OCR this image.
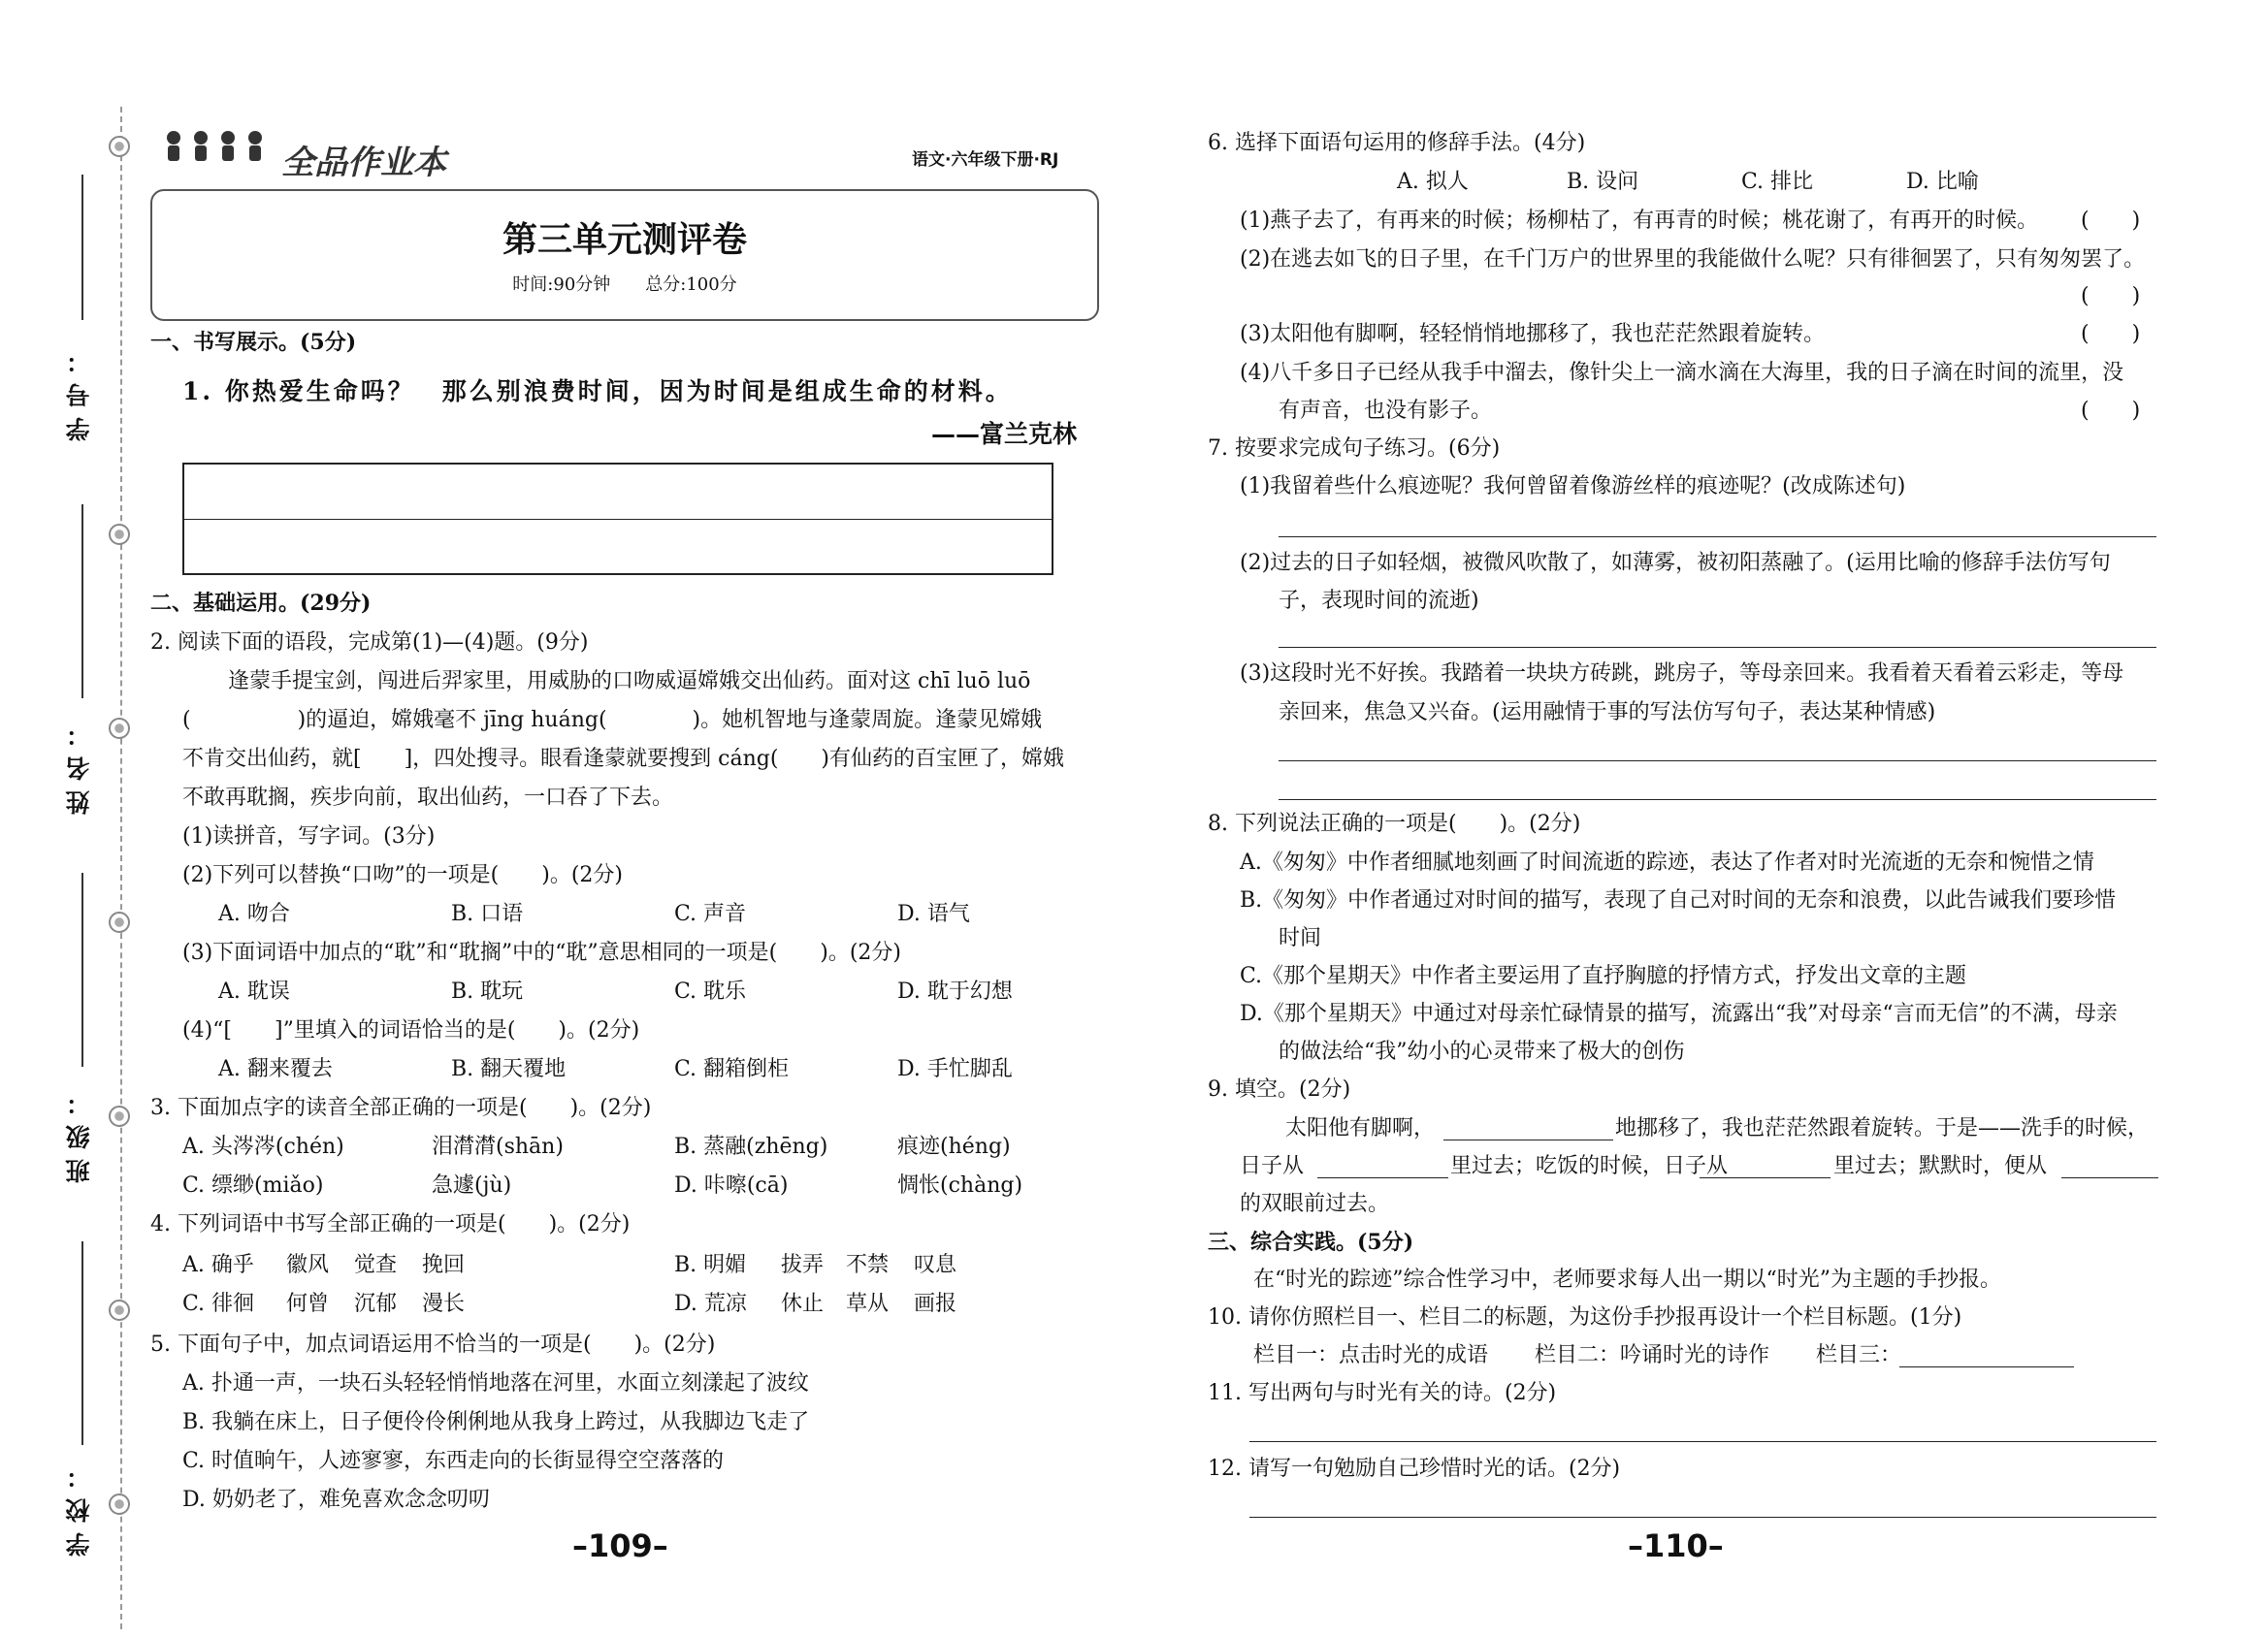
学号：
姓名：
班级：
学校：
全品作业本	语文·六年级下册·RJ
第三单元测评卷
时间:90分钟　　总分:100分
一、书写展示。(5分)
1. 你热爱生命吗？　那么别浪费时间，因为时间是组成生命的材料。
——富兰克林
二、基础运用。(29分)
2. 阅读下面的语段，完成第(1)—(4)题。(9分)
逢蒙手提宝剑，闯进后羿家里，用威胁的口吻威逼嫦娥交出仙药。面对这 chī luō luō
(　　　　　)的逼迫，嫦娥毫不 jīng huáng(　　　　)。她机智地与逢蒙周旋。逢蒙见嫦娥
不肯交出仙药，就[　　]，四处搜寻。眼看逢蒙就要搜到 cáng(　　)有仙药的百宝匣了，嫦娥
不敢再耽搁，疾步向前，取出仙药，一口吞了下去。
(1)读拼音，写字词。(3分)
(2)下列可以替换“口吻”的一项是(　　)。(2分)
A. 吻合	B. 口语	C. 声音	D. 语气
(3)下面词语中加点的“耽”和“耽搁”中的“耽”意思相同的一项是(　　)。(2分)
A. 耽误	B. 耽玩	C. 耽乐	D. 耽于幻想
(4)“[　　]”里填入的词语恰当的是(　　)。(2分)
A. 翻来覆去	B. 翻天覆地	C. 翻箱倒柜	D. 手忙脚乱
3. 下面加点字的读音全部正确的一项是(　　)。(2分)
A. 头涔涔(chén)	泪潸潸(shān)	B. 蒸融(zhēng)	痕迹(héng)
C. 缥缈(miǎo)	急遽(jù)	D. 咔嚓(cā)	惆怅(chàng)
4. 下列词语中书写全部正确的一项是(　　)。(2分)
A. 确乎 徽风 觉查 挽回	B. 明媚 拔弄 不禁 叹息
C. 徘徊 何曾 沉郁 漫长	D. 荒凉 休止 草从 画报
5. 下面句子中，加点词语运用不恰当的一项是(　　)。(2分)
A. 扑通一声，一块石头轻轻悄悄地落在河里，水面立刻漾起了波纹
B. 我躺在床上，日子便伶伶俐俐地从我身上跨过，从我脚边飞走了
C. 时值晌午，人迹寥寥，东西走向的长街显得空空落落的
D. 奶奶老了，难免喜欢念念叨叨
–109–
6. 选择下面语句运用的修辞手法。(4分)
A. 拟人	B. 设问	C. 排比	D. 比喻
(1)燕子去了，有再来的时候；杨柳枯了，有再青的时候；桃花谢了，有再开的时候。 (　　)
(2)在逃去如飞的日子里，在千门万户的世界里的我能做什么呢？只有徘徊罢了，只有匆匆罢了。
(　　)
(3)太阳他有脚啊，轻轻悄悄地挪移了，我也茫茫然跟着旋转。	(　　)
(4)八千多日子已经从我手中溜去，像针尖上一滴水滴在大海里，我的日子滴在时间的流里，没
有声音，也没有影子。	(　　)
7. 按要求完成句子练习。(6分)
(1)我留着些什么痕迹呢？我何曾留着像游丝样的痕迹呢？(改成陈述句)
(2)过去的日子如轻烟，被微风吹散了，如薄雾，被初阳蒸融了。(运用比喻的修辞手法仿写句
子，表现时间的流逝)
(3)这段时光不好挨。我踏着一块块方砖跳，跳房子，等母亲回来。我看着天看着云彩走，等母
亲回来，焦急又兴奋。(运用融情于事的写法仿写句子，表达某种情感)
8. 下列说法正确的一项是(　　)。(2分)
A.《匆匆》中作者细腻地刻画了时间流逝的踪迹，表达了作者对时光流逝的无奈和惋惜之情
B.《匆匆》中作者通过对时间的描写，表现了自己对时间的无奈和浪费，以此告诫我们要珍惜
时间
C.《那个星期天》中作者主要运用了直抒胸臆的抒情方式，抒发出文章的主题
D.《那个星期天》中通过对母亲忙碌情景的描写，流露出“我”对母亲“言而无信”的不满，母亲
的做法给“我”幼小的心灵带来了极大的创伤
9. 填空。(2分)
太阳他有脚啊，	地挪移了，我也茫茫然跟着旋转。于是——洗手的时候，
日子从	里过去；吃饭的时候，日子从	里过去；默默时，便从
的双眼前过去。
三、综合实践。(5分)
在“时光的踪迹”综合性学习中，老师要求每人出一期以“时光”为主题的手抄报。
10. 请你仿照栏目一、栏目二的标题，为这份手抄报再设计一个栏目标题。(1分)
栏目一：点击时光的成语 栏目二：吟诵时光的诗作 栏目三：
11. 写出两句与时光有关的诗。(2分)
12. 请写一句勉励自己珍惜时光的话。(2分)
–110–
